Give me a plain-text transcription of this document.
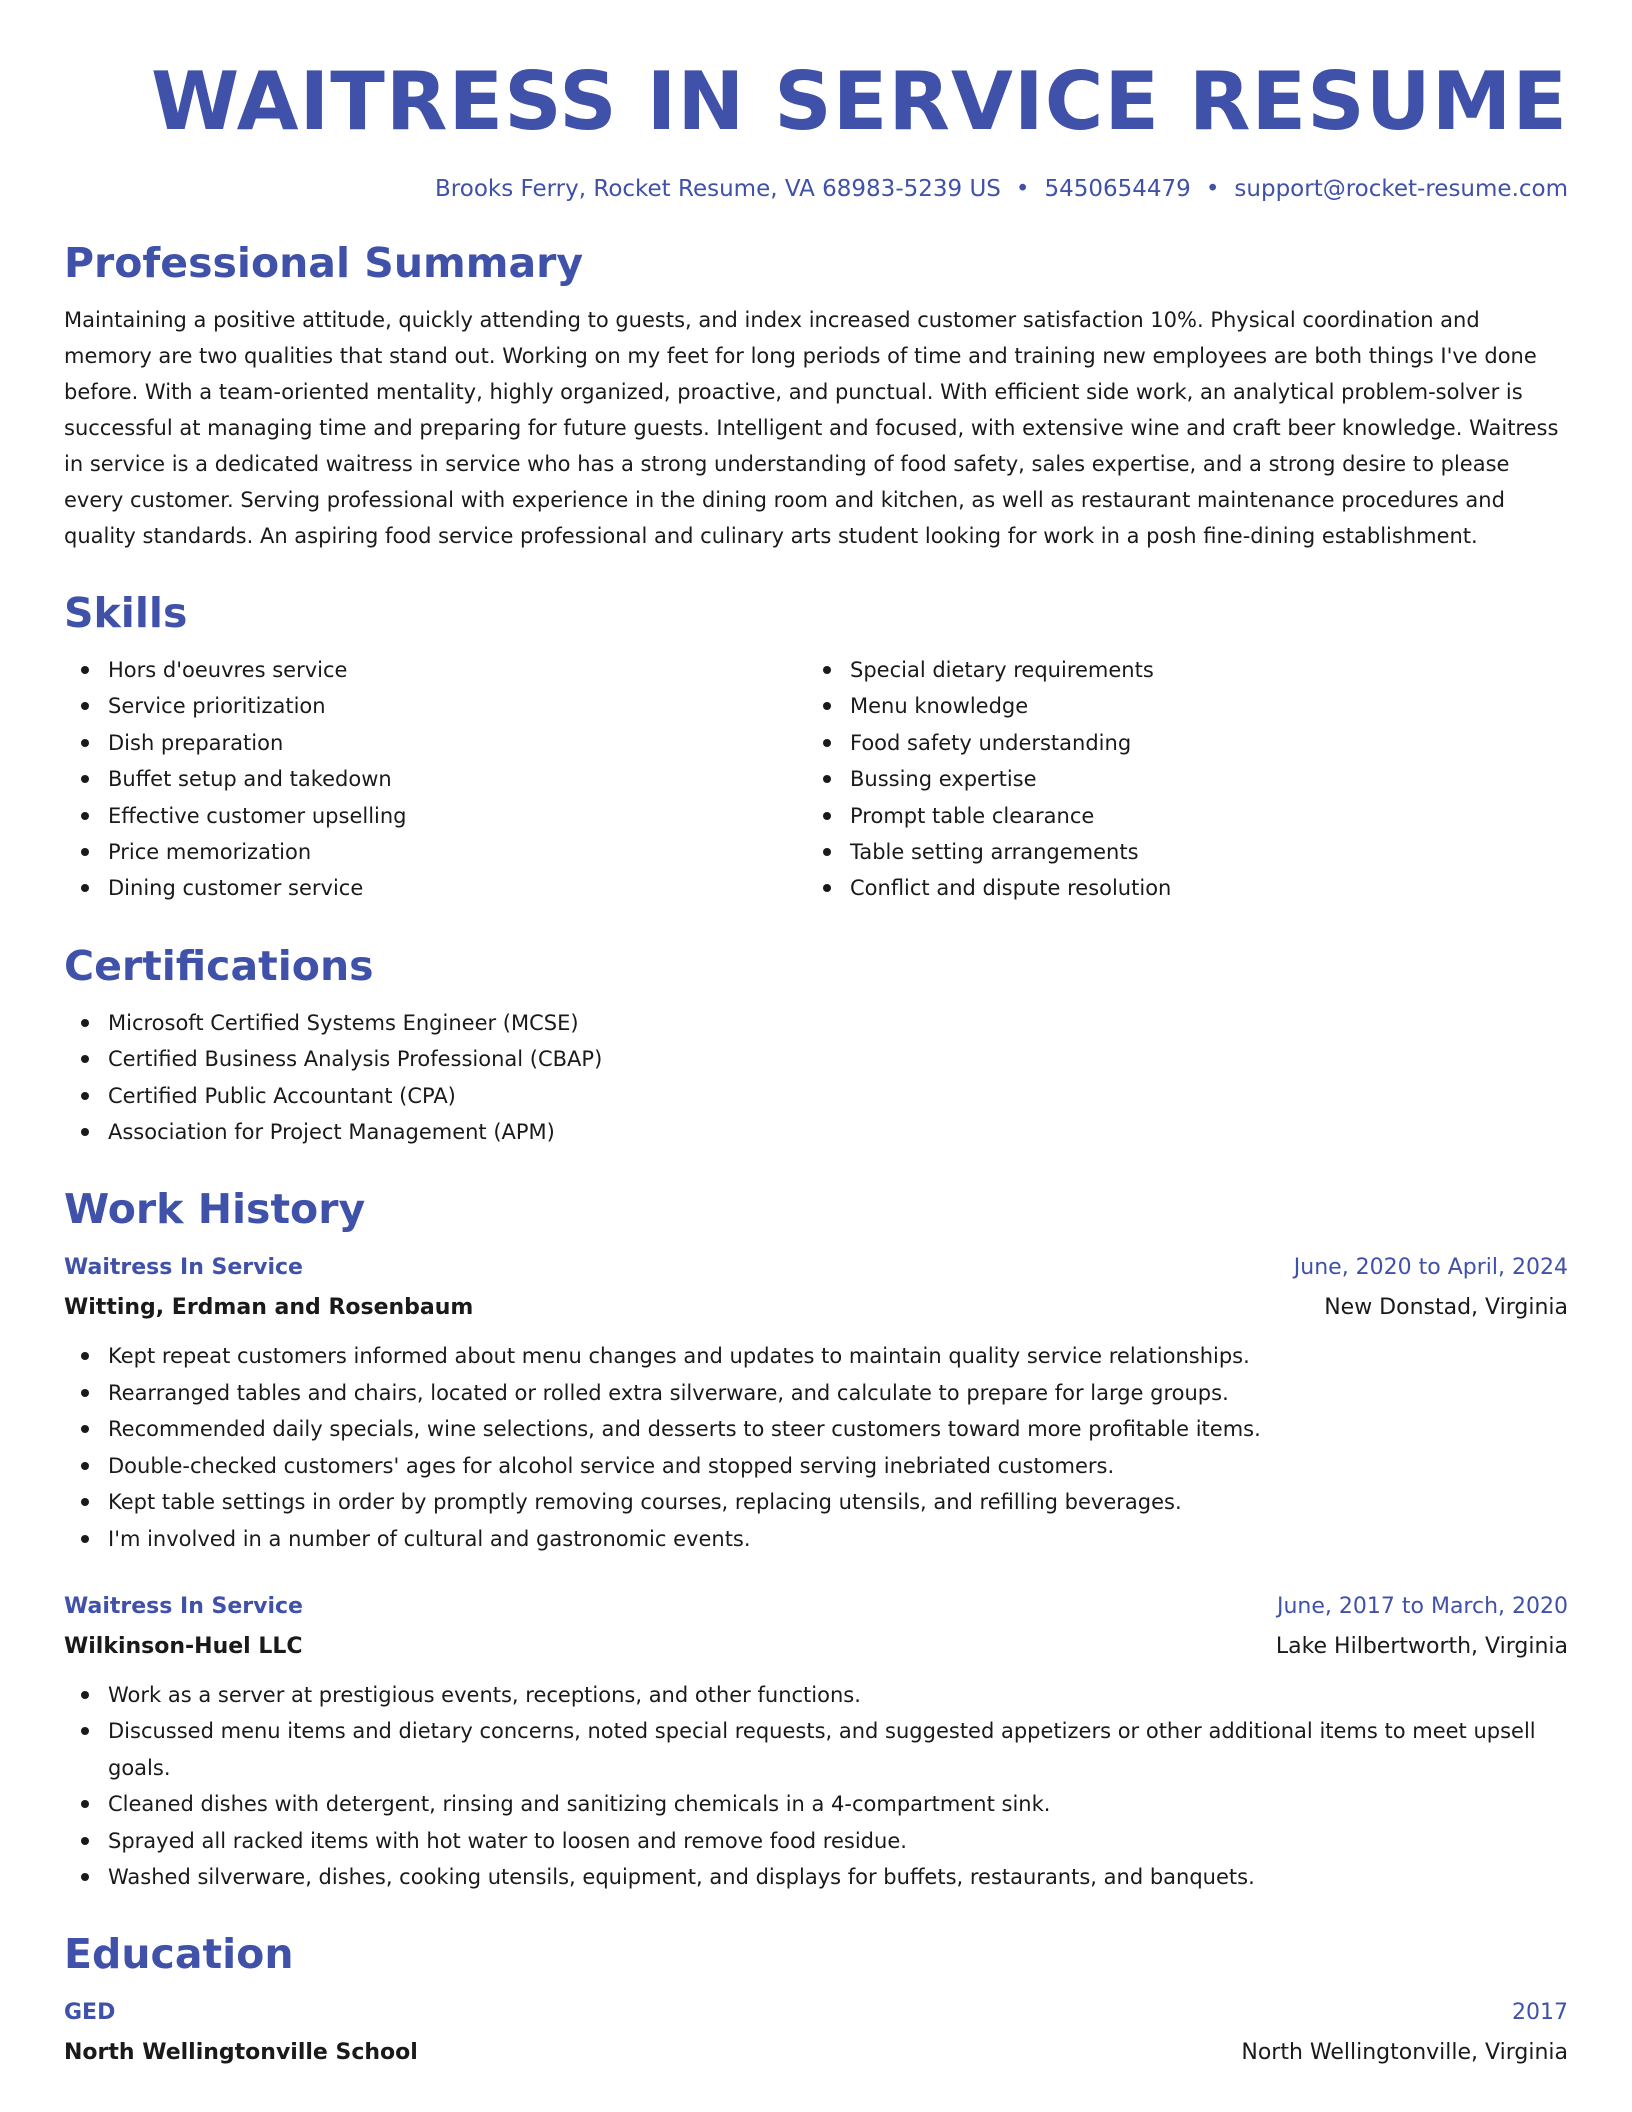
WAITRESS IN SERVICE RESUME
Brooks Ferry, Rocket Resume, VA 68983-5239 US • 5450654479 • support@rocket-resume.com
Professional Summary

Maintaining a positive attitude, quickly attending to guests, and index increased customer satisfaction 10%. Physical coordination and memory are two qualities that stand out. Working on my feet for long periods of time and training new employees are both things I've done before. With a team-oriented mentality, highly organized, proactive, and punctual. With efficient side work, an analytical problem-solver is successful at managing time and preparing for future guests. Intelligent and focused, with extensive wine and craft beer knowledge. Waitress in service is a dedicated waitress in service who has a strong understanding of food safety, sales expertise, and a strong desire to please every customer. Serving professional with experience in the dining room and kitchen, as well as restaurant maintenance procedures and quality standards. An aspiring food service professional and culinary arts student looking for work in a posh fine-dining establishment.

Skills
Hors d'oeuvres service
Service prioritization
Dish preparation
Buffet setup and takedown
Effective customer upselling
Price memorization
Dining customer service
Special dietary requirements
Menu knowledge
Food safety understanding
Bussing expertise
Prompt table clearance
Table setting arrangements
Conflict and dispute resolution
Certifications
Microsoft Certified Systems Engineer (MCSE)
Certified Business Analysis Professional (CBAP)
Certified Public Accountant (CPA)
Association for Project Management (APM)
Work History
Waitress In Service	June, 2020 to April, 2024
Witting, Erdman and Rosenbaum	New Donstad, Virginia
Kept repeat customers informed about menu changes and updates to maintain quality service relationships.
Rearranged tables and chairs, located or rolled extra silverware, and calculate to prepare for large groups.
Recommended daily specials, wine selections, and desserts to steer customers toward more profitable items.
Double-checked customers' ages for alcohol service and stopped serving inebriated customers.
Kept table settings in order by promptly removing courses, replacing utensils, and refilling beverages.
I'm involved in a number of cultural and gastronomic events.
Waitress In Service	June, 2017 to March, 2020
Wilkinson-Huel LLC	Lake Hilbertworth, Virginia
Work as a server at prestigious events, receptions, and other functions.
Discussed menu items and dietary concerns, noted special requests, and suggested appetizers or other additional items to meet upsell goals.
Cleaned dishes with detergent, rinsing and sanitizing chemicals in a 4-compartment sink.
Sprayed all racked items with hot water to loosen and remove food residue.
Washed silverware, dishes, cooking utensils, equipment, and displays for buffets, restaurants, and banquets.
Education
GED	2017
North Wellingtonville School	North Wellingtonville, Virginia
